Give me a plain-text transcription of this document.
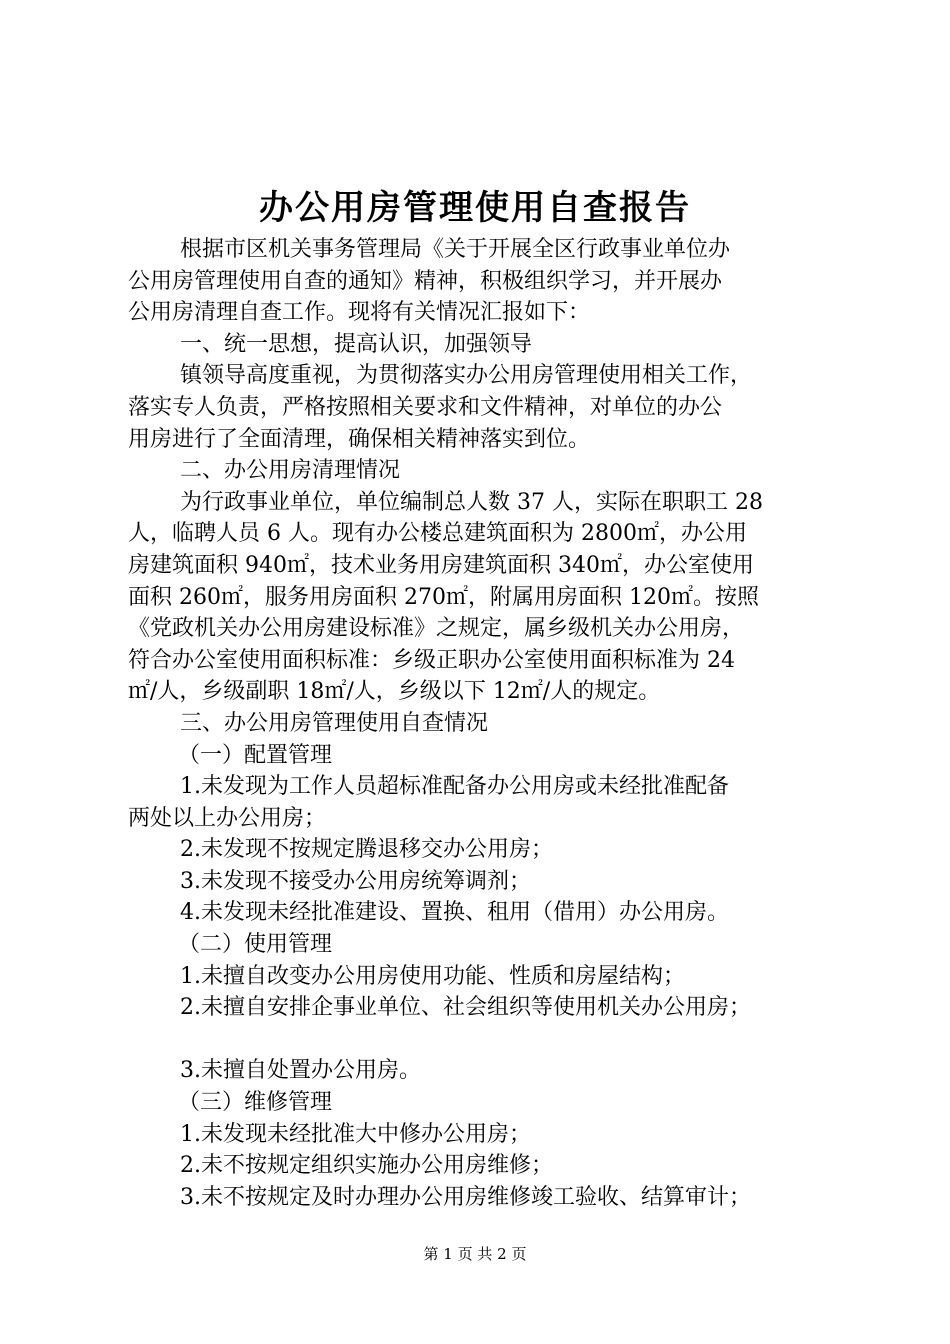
办公用房管理使用自查报告

根据市区机关事务管理局《关于开展全区行政事业单位办

公用房管理使用自查的通知》精神，积极组织学习，并开展办

公用房清理自查工作。现将有关情况汇报如下：

一、统一思想，提高认识，加强领导

镇领导高度重视，为贯彻落实办公用房管理使用相关工作，

落实专人负责，严格按照相关要求和文件精神，对单位的办公

用房进行了全面清理，确保相关精神落实到位。

二、办公用房清理情况

为行政事业单位，单位编制总人数 37 人，实际在职职工 28

人，临聘人员 6 人。现有办公楼总建筑面积为 2800㎡，办公用

房建筑面积 940㎡，技术业务用房建筑面积 340㎡，办公室使用

面积 260㎡，服务用房面积 270㎡，附属用房面积 120㎡。按照

《党政机关办公用房建设标准》之规定，属乡级机关办公用房，

符合办公室使用面积标准：乡级正职办公室使用面积标准为 24

㎡/人，乡级副职 18㎡/人，乡级以下 12㎡/人的规定。

三、办公用房管理使用自查情况

（一）配置管理

1.未发现为工作人员超标准配备办公用房或未经批准配备

两处以上办公用房；

2.未发现不按规定腾退移交办公用房；

3.未发现不接受办公用房统筹调剂；

4.未发现未经批准建设、置换、租用（借用）办公用房。

（二）使用管理

1.未擅自改变办公用房使用功能、性质和房屋结构；

2.未擅自安排企事业单位、社会组织等使用机关办公用房；

3.未擅自处置办公用房。

（三）维修管理

1.未发现未经批准大中修办公用房；

2.未不按规定组织实施办公用房维修；

3.未不按规定及时办理办公用房维修竣工验收、结算审计；

第 1 页 共 2 页
